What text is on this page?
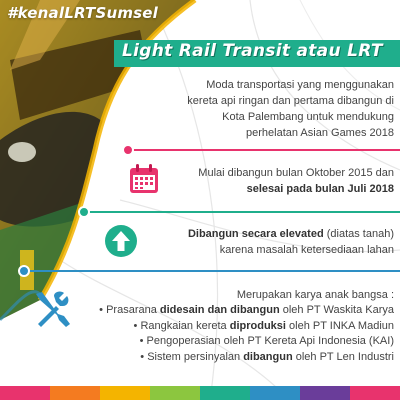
#kenalLRTSumsel
Light Rail Transit atau LRT
Moda transportasi yang menggunakan kereta api ringan dan pertama dibangun di Kota Palembang untuk mendukung perhelatan Asian Games 2018
Mulai dibangun bulan Oktober 2015 dan
selesai pada bulan Juli 2018
Dibangun secara elevated (diatas tanah)
karena masalah ketersediaan lahan
Merupakan karya anak bangsa :
• Prasarana didesain dan dibangun oleh PT Waskita Karya
• Rangkaian kereta diproduksi oleh PT INKA Madiun
• Pengoperasian oleh PT Kereta Api Indonesia (KAI)
• Sistem persinyalan dibangun oleh PT Len Industri
